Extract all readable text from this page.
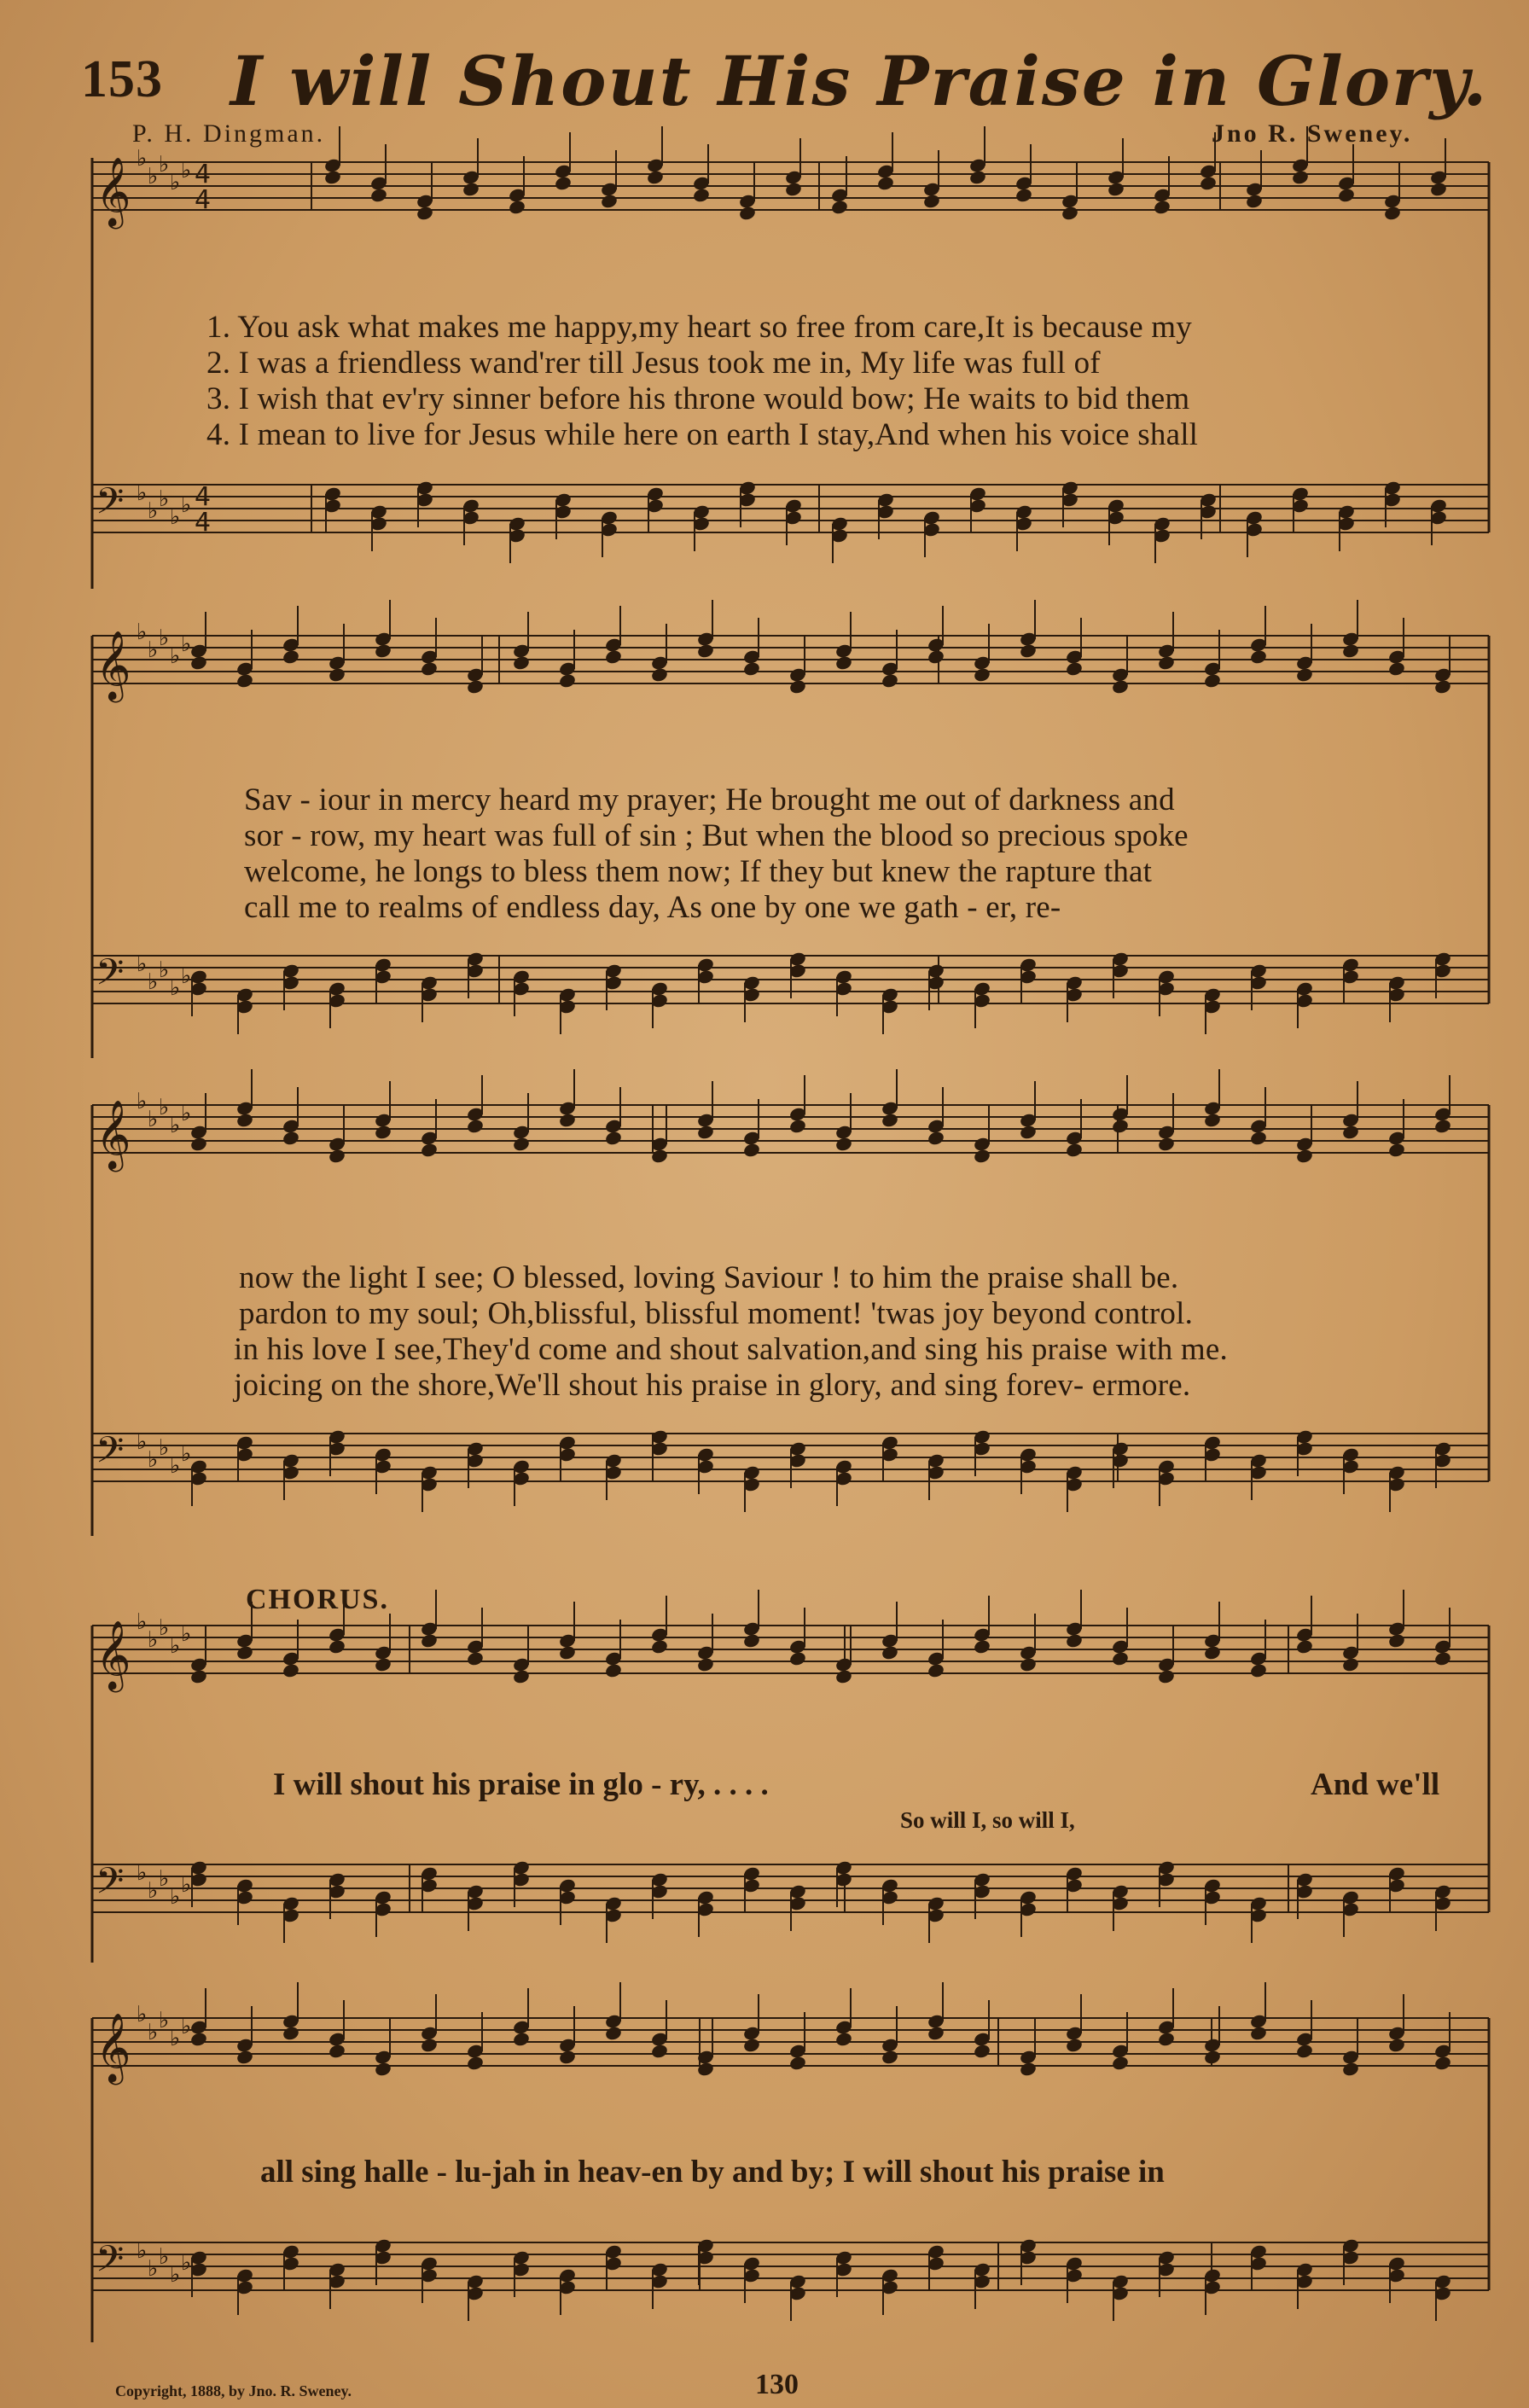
153 I will Shout His Praise in Glory.
P. H. Dingman.	Jno R. Sweney.
𝄞 ♭
♭ ♭
♭ ♭
𝄢 ♭
♭ ♭
♭ ♭
𝄞 ♭
♭ ♭
♭ ♭
𝄢 ♭
♭ ♭
♭ ♭
𝄞 ♭
♭ ♭
♭ ♭
𝄢 ♭
♭ ♭
♭ ♭
𝄞 ♭
♭ ♭
♭ ♭
𝄢 ♭
♭ ♭
♭ ♭
𝄞 ♭
♭ ♭
♭ ♭
𝄢 ♭
♭ ♭
♭ ♭
4
4
4
4
1. You ask what makes me happy,my heart so free from care,It is because my
2. I was a friendless wand'rer till Jesus took me in, My life was full of
3. I wish that ev'ry sinner before his throne would bow; He waits to bid them
4. I mean to live for Jesus while here on earth I stay,And when his voice shall
Sav - iour in mercy heard my prayer; He brought me out of darkness and
sor - row, my heart was full of sin ; But when the blood so precious spoke
welcome, he longs to bless them now; If they but knew the rapture that
call me to realms of endless day, As one by one we gath - er, re-
now the light I see; O blessed, loving Saviour ! to him the praise shall be.
pardon to my soul; Oh,blissful, blissful moment! 'twas joy beyond control.
in his love I see,They'd come and shout salvation,and sing his praise with me.
joicing on the shore,We'll shout his praise in glory, and sing forev- ermore.
CHORUS.
I will shout his praise in glo - ry, . . . .	And we'll
So will I, so will I,
all sing halle - lu-jah in heav-en by and by; I will shout his praise in
Copyright, 1888, by Jno. R. Sweney.	130
